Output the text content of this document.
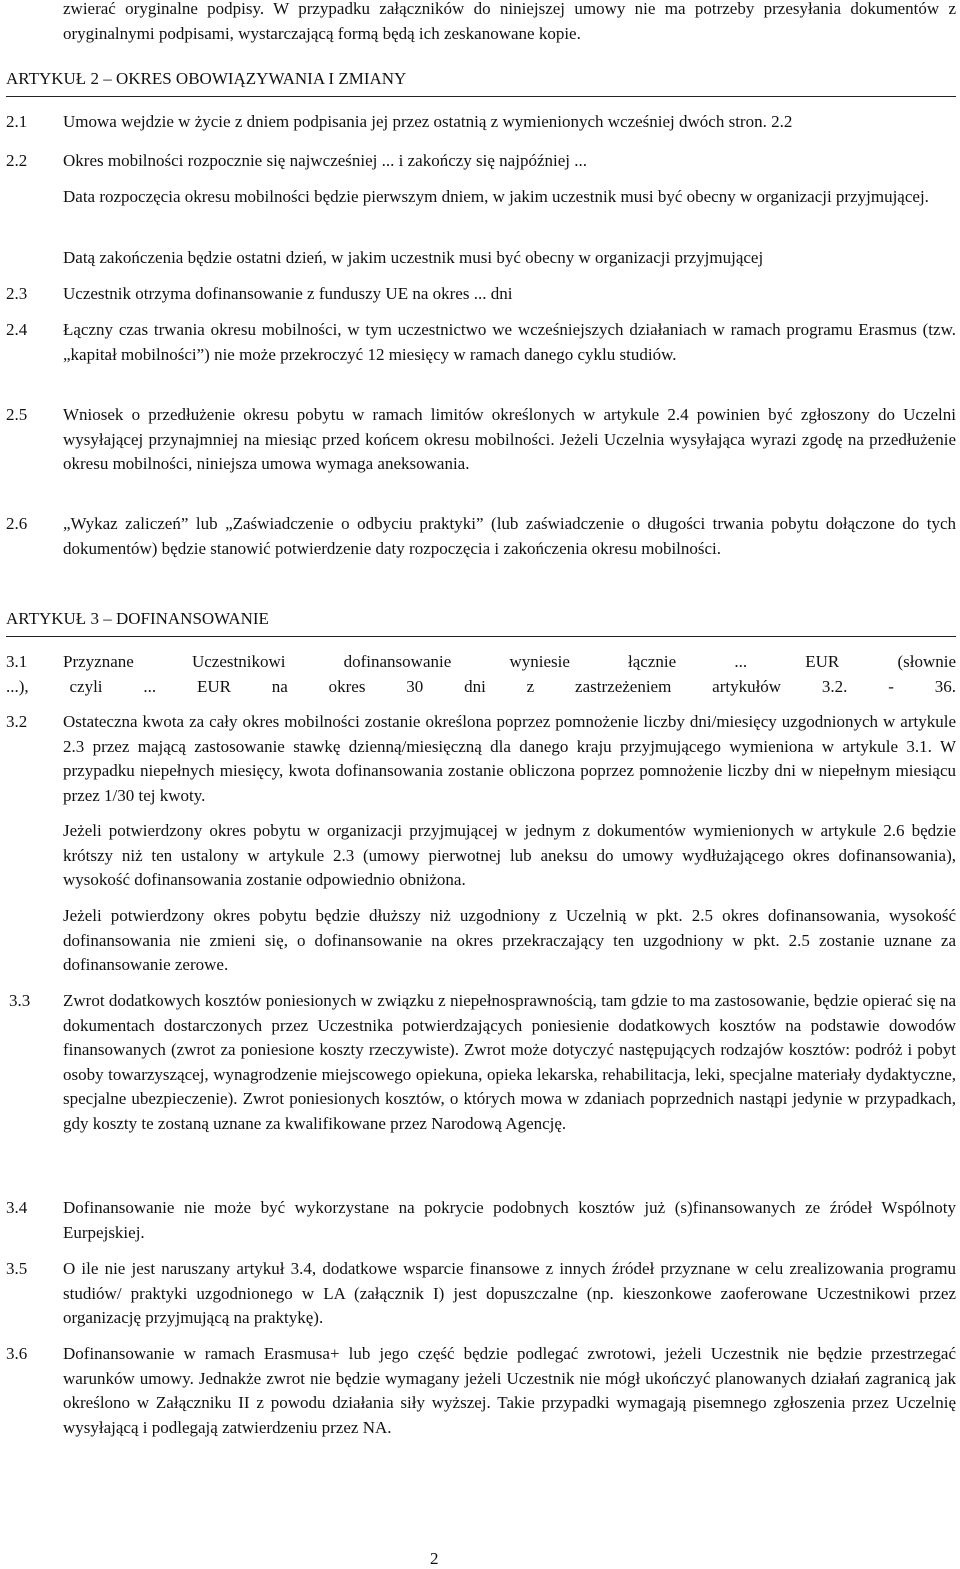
zwierać oryginalne podpisy. W przypadku załączników do niniejszej umowy nie ma potrzeby przesyłania dokumentów z oryginalnymi podpisami, wystarczającą formą będą ich zeskanowane kopie.
ARTYKUŁ 2 – OKRES OBOWIĄZYWANIA I ZMIANY
2.1 Umowa wejdzie w życie z dniem podpisania jej przez ostatnią z wymienionych wcześniej dwóch stron. 2.2
2.2 Okres mobilności rozpocznie się najwcześniej ... i zakończy się najpóźniej ...
Data rozpoczęcia okresu mobilności będzie pierwszym dniem, w jakim uczestnik musi być obecny w organizacji przyjmującej.
Datą zakończenia będzie ostatni dzień, w jakim uczestnik musi być obecny w organizacji przyjmującej
2.3 Uczestnik otrzyma dofinansowanie z funduszy UE na okres ... dni
2.4 Łączny czas trwania okresu mobilności, w tym uczestnictwo we wcześniejszych działaniach w ramach programu Erasmus (tzw. „kapitał mobilności”) nie może przekroczyć 12 miesięcy w ramach danego cyklu studiów.
2.5 Wniosek o przedłużenie okresu pobytu w ramach limitów określonych w artykule 2.4 powinien być zgłoszony do Uczelni wysyłającej przynajmniej na miesiąc przed końcem okresu mobilności. Jeżeli Uczelnia wysyłająca wyrazi zgodę na przedłużenie okresu mobilności, niniejsza umowa wymaga aneksowania.
2.6 „Wykaz zaliczeń” lub „Zaświadczenie o odbyciu praktyki” (lub zaświadczenie o długości trwania pobytu dołączone do tych dokumentów) będzie stanowić potwierdzenie daty rozpoczęcia i zakończenia okresu mobilności.
ARTYKUŁ 3 – DOFINANSOWANIE
3.1 Przyznane Uczestnikowi dofinansowanie wyniesie łącznie ... EUR (słownie
...), czyli ... EUR na okres 30 dni z zastrzeżeniem artykułów 3.2. - 36.
3.2 Ostateczna kwota za cały okres mobilności zostanie określona poprzez pomnożenie liczby dni/miesięcy uzgodnionych w artykule 2.3 przez mającą zastosowanie stawkę dzienną/miesięczną dla danego kraju przyjmującego wymieniona w artykule 3.1. W przypadku niepełnych miesięcy, kwota dofinansowania zostanie obliczona poprzez pomnożenie liczby dni w niepełnym miesiącu przez 1/30 tej kwoty.
Jeżeli potwierdzony okres pobytu w organizacji przyjmującej w jednym z dokumentów wymienionych w artykule 2.6 będzie krótszy niż ten ustalony w artykule 2.3 (umowy pierwotnej lub aneksu do umowy wydłużającego okres dofinansowania), wysokość dofinansowania zostanie odpowiednio obniżona.
Jeżeli potwierdzony okres pobytu będzie dłuższy niż uzgodniony z Uczelnią w pkt. 2.5 okres dofinansowania, wysokość dofinansowania nie zmieni się, o dofinansowanie na okres przekraczający ten uzgodniony w pkt. 2.5 zostanie uznane za dofinansowanie zerowe.
3.3 Zwrot dodatkowych kosztów poniesionych w związku z niepełnosprawnością, tam gdzie to ma zastosowanie, będzie opierać się na dokumentach dostarczonych przez Uczestnika potwierdzających poniesienie dodatkowych kosztów na podstawie dowodów finansowanych (zwrot za poniesione koszty rzeczywiste). Zwrot może dotyczyć następujących rodzajów kosztów: podróż i pobyt osoby towarzyszącej, wynagrodzenie miejscowego opiekuna, opieka lekarska, rehabilitacja, leki, specjalne materiały dydaktyczne, specjalne ubezpieczenie). Zwrot poniesionych kosztów, o których mowa w zdaniach poprzednich nastąpi jedynie w przypadkach, gdy koszty te zostaną uznane za kwalifikowane przez Narodową Agencję.
3.4 Dofinansowanie nie może być wykorzystane na pokrycie podobnych kosztów już (s)finansowanych ze źródeł Wspólnoty Eurpejskiej.
3.5 O ile nie jest naruszany artykuł 3.4, dodatkowe wsparcie finansowe z innych źródeł przyznane w celu zrealizowania programu studiów/ praktyki uzgodnionego w LA (załącznik I) jest dopuszczalne (np. kieszonkowe zaoferowane Uczestnikowi przez organizację przyjmującą na praktykę).
3.6 Dofinansowanie w ramach Erasmusa+ lub jego część będzie podlegać zwrotowi, jeżeli Uczestnik nie będzie przestrzegać warunków umowy. Jednakże zwrot nie będzie wymagany jeżeli Uczestnik nie mógł ukończyć planowanych działań zagranicą jak określono w Załączniku II z powodu działania siły wyższej. Takie przypadki wymagają pisemnego zgłoszenia przez Uczelnię wysyłającą i podlegają zatwierdzeniu przez NA.
2
